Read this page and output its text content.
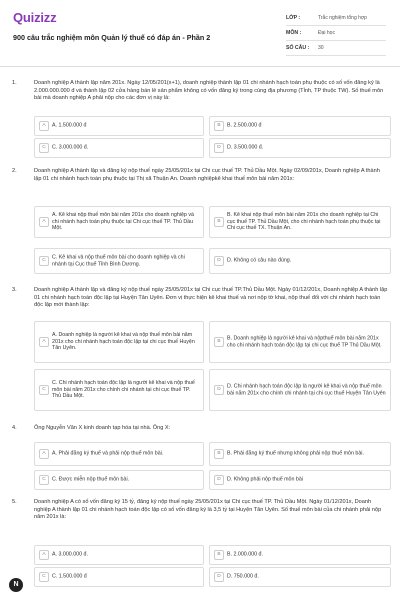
Quizizz
900 câu trắc nghiệm môn Quản lý thuế có đáp án - Phần 2
LỚP :	Trắc nghiệm tổng hợp
MÔN :	Đại học
SỐ CÂU :	30
1.	Doanh nghiệp A thành lập năm 201x. Ngày 12/05/201(x+1), doanh nghiệp thành lập 01 chi nhánh hạch toán phụ thuộc có số vốn đăng ký là 2.000.000.000 đ và thành lập 02 cửa hàng bán lẻ sản phẩm không có vốn đăng ký trong cùng địa phương (Tỉnh, TP thuộc TW). Số thuế môn bài mà doanh nghiệp A phải nộp cho các đơn vị này là:
A	A. 1.500.000 đ	B	B. 2.500.000 đ
C	C. 3.000.000 đ.	D	D. 3.500.000 đ.
2.	Doanh nghiệp A thành lập và đăng ký nộp thuế ngày 25/05/201x tại Chi cục thuế TP. Thủ Dầu Một. Ngày 02/09/201x, Doanh nghiệp A thành lập 01 chi nhánh hạch toán phụ thuộc tại Thị xã Thuận An. Doanh nghiệpkê khai thuế môn bài năm 201x:
A
A. Kê khai nộp thuế môn bài năm 201x cho doanh nghiệp và chi nhánh hạch toán phụ thuộc tại Chi cục thuế TP. Thủ Dầu Một.
B
B. Kê khai nộp thuế môn bài năm 201x cho doanh nghiệp tại Chi cục thuế TP. Thủ Dầu Một, cho chi nhánh hạch toán phụ thuộc tại Chi cục thuế TX. Thuận An.
C
C. Kê khai và nộp thuế môn bài cho doanh nghiệp và chi nhánh tại Cục thuế Tỉnh Bình Dương.
D	D. Không có câu nào đúng.
3.	Doanh nghiệp A thành lập và đăng ký nộp thuế ngày 25/05/201x tại Chi cục thuế TP.Thủ Dầu Một. Ngày 01/12/201x, Doanh nghiệp A thành lập 01 chi nhánh hạch toán độc lập tại Huyện Tân Uyên. Đơn vị thực hiện kê khai thuế và nơi nộp tờ khai, nộp thuế đối với chi nhánh hạch toán độc lập mới thành lập:
A
A. Doanh nghiệp là người kê khai và nộp thuế môn bài năm 201x cho chi nhánh hạch toán độc lập tại chi cục thuế Huyện Tân Uyên.
B
B. Doanh nghiệp là người kê khai và nộpthuế môn bài năm 201x cho chi nhánh hạch toán độc lập tại chi cục thuế TP Thủ Dầu Một.
C
C. Chi nhánh hạch toán độc lập là người kê khai và nộp thuế môn bài năm 201x cho chính chi nhánh tại chi cục thuế TP. Thủ Dầu Một.
D
D. Chi nhánh hạch toán độc lập là người kê khai và nộp thuế môn bài năm 201x cho chính chi nhánh tại chi cục thuế Huyện Tân Uyên
4.	Ông Nguyễn Văn X kinh doanh tạp hóa tại nhà. Ông X:
A	A. Phải đăng ký thuế và phải nộp thuế môn bài.	B	B. Phải đăng ký thuế nhưng không phải nộp thuế môn bài.
C	C. Được miễn nộp thuế môn bài.	D	D. Không phải nộp thuế môn bài
5.	Doanh nghiệp A có số vốn đăng ký 15 tỷ, đăng ký nộp thuế ngày 25/05/201x tại Chi cục thuế TP. Thủ Dầu Một. Ngày 01/12/201x, Doanh nghiệp A thành lập 01 chi nhánh hạch toán độc lập có số vốn đăng ký là 3,5 tỷ tại Huyện Tân Uyên. Số thuế môn bài của chi nhánh phải nộp năm 201x là:
A	A. 3.000.000 đ.	B	B. 2.000.000 đ.
C	C. 1.500.000 đ	D	D. 750.000 đ.
N
